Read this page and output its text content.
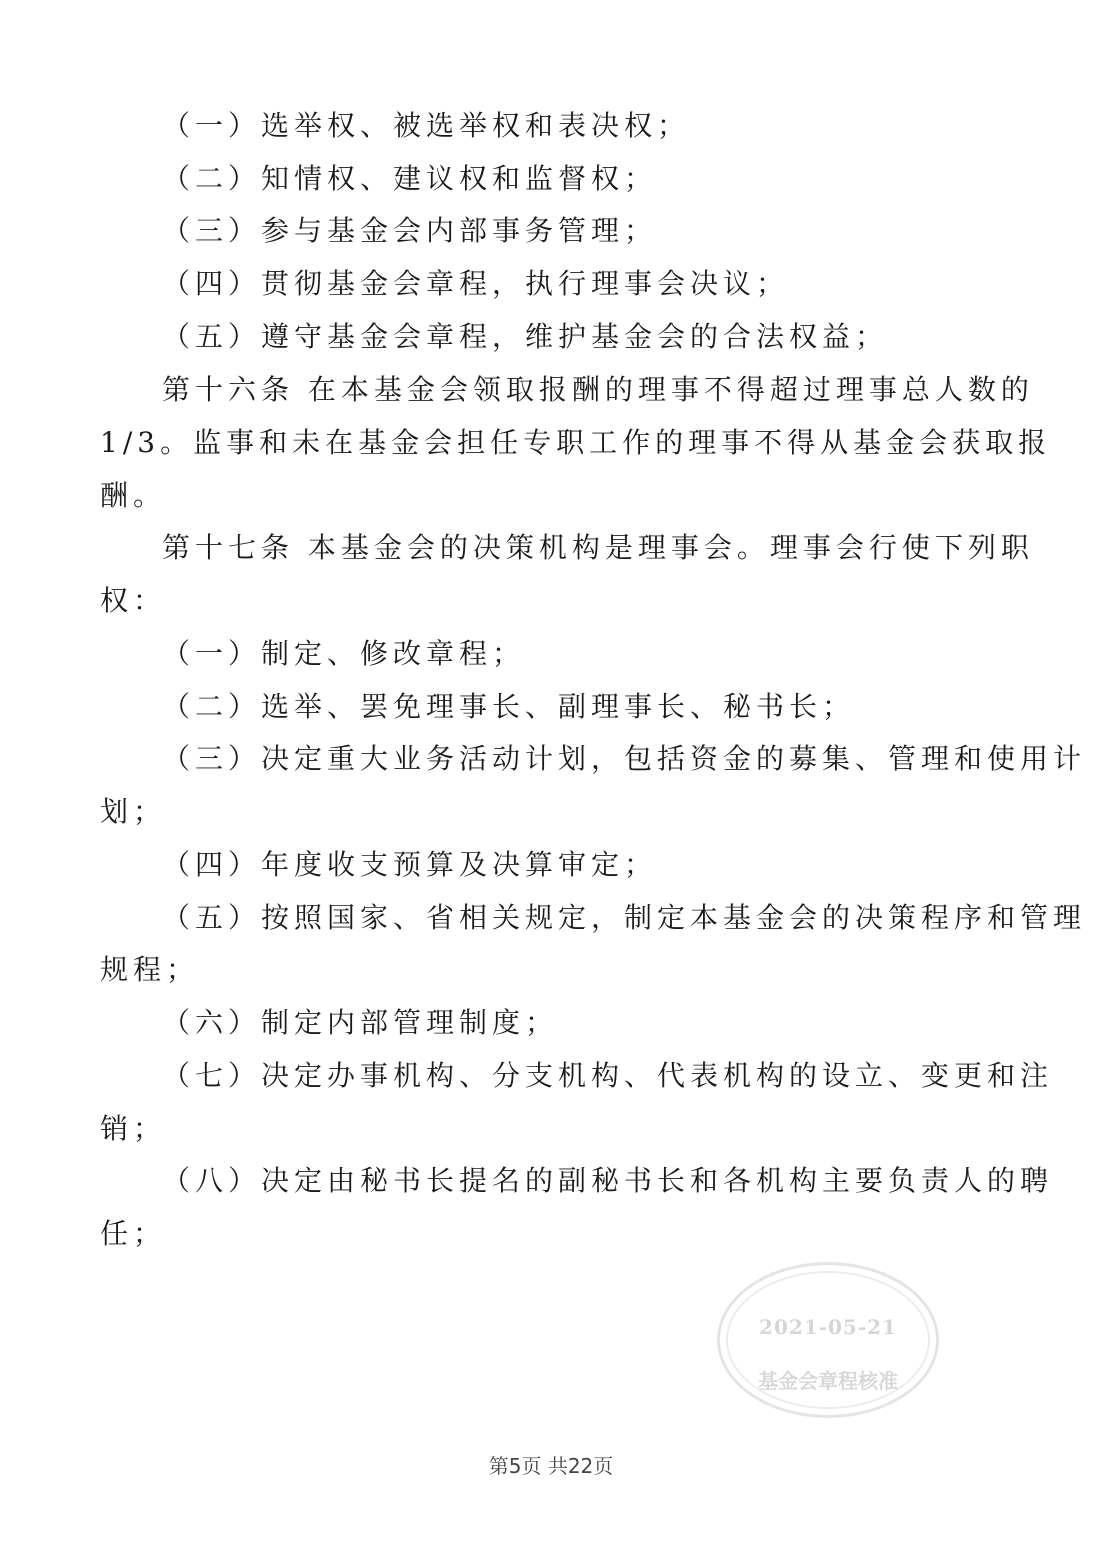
（一）选举权、被选举权和表决权；
（二）知情权、建议权和监督权；
（三）参与基金会内部事务管理；
（四）贯彻基金会章程，执行理事会决议；
（五）遵守基金会章程，维护基金会的合法权益；
第十六条 在本基金会领取报酬的理事不得超过理事总人数的
1/3。监事和未在基金会担任专职工作的理事不得从基金会获取报
酬。
第十七条 本基金会的决策机构是理事会。理事会行使下列职
权：
（一）制定、修改章程；
（二）选举、罢免理事长、副理事长、秘书长；
（三）决定重大业务活动计划，包括资金的募集、管理和使用计
划；
（四）年度收支预算及决算审定；
（五）按照国家、省相关规定，制定本基金会的决策程序和管理
规程；
（六）制定内部管理制度；
（七）决定办事机构、分支机构、代表机构的设立、变更和注
销；
（八）决定由秘书长提名的副秘书长和各机构主要负责人的聘
任；
2021-05-21
基金会章程核准
第5页 共22页
